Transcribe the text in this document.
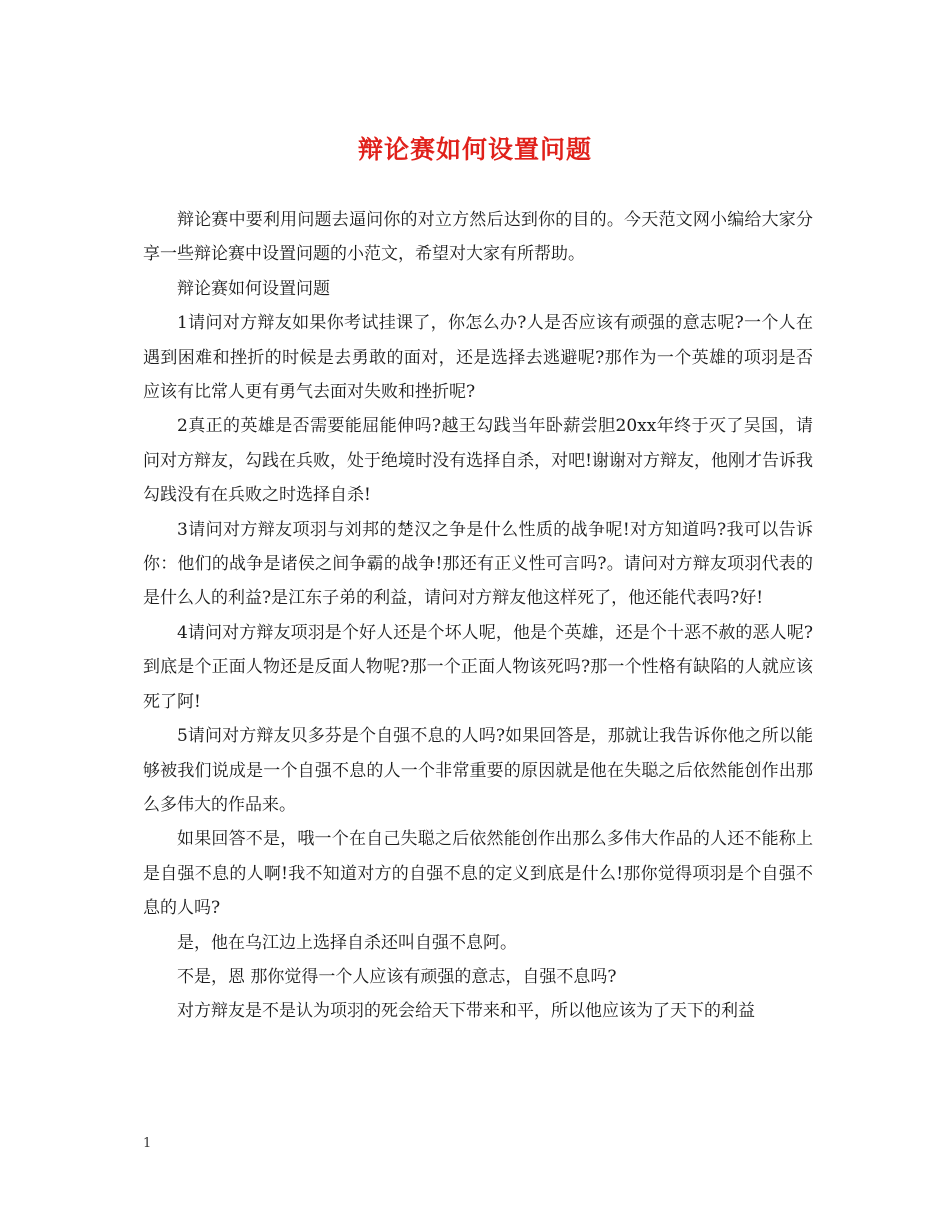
辩论赛如何设置问题

辩论赛中要利用问题去逼问你的对立方然后达到你的目的。今天范文网小编给大家分享一些辩论赛中设置问题的小范文，希望对大家有所帮助。

辩论赛如何设置问题

1请问对方辩友如果你考试挂课了，你怎么办?人是否应该有顽强的意志呢?一个人在遇到困难和挫折的时候是去勇敢的面对，还是选择去逃避呢?那作为一个英雄的项羽是否应该有比常人更有勇气去面对失败和挫折呢?

2真正的英雄是否需要能屈能伸吗?越王勾践当年卧薪尝胆20xx年终于灭了吴国，请问对方辩友，勾践在兵败，处于绝境时没有选择自杀，对吧!谢谢对方辩友，他刚才告诉我勾践没有在兵败之时选择自杀!

3请问对方辩友项羽与刘邦的楚汉之争是什么性质的战争呢!对方知道吗?我可以告诉你：他们的战争是诸侯之间争霸的战争!那还有正义性可言吗?。请问对方辩友项羽代表的是什么人的利益?是江东子弟的利益，请问对方辩友他这样死了，他还能代表吗?好!

4请问对方辩友项羽是个好人还是个坏人呢，他是个英雄，还是个十恶不赦的恶人呢?到底是个正面人物还是反面人物呢?那一个正面人物该死吗?那一个性格有缺陷的人就应该死了阿!

5请问对方辩友贝多芬是个自强不息的人吗?如果回答是，那就让我告诉你他之所以能够被我们说成是一个自强不息的人一个非常重要的原因就是他在失聪之后依然能创作出那么多伟大的作品来。

如果回答不是，哦一个在自己失聪之后依然能创作出那么多伟大作品的人还不能称上是自强不息的人啊!我不知道对方的自强不息的定义到底是什么!那你觉得项羽是个自强不息的人吗?

是，他在乌江边上选择自杀还叫自强不息阿。

不是，恩 那你觉得一个人应该有顽强的意志，自强不息吗?

对方辩友是不是认为项羽的死会给天下带来和平，所以他应该为了天下的利益

1
